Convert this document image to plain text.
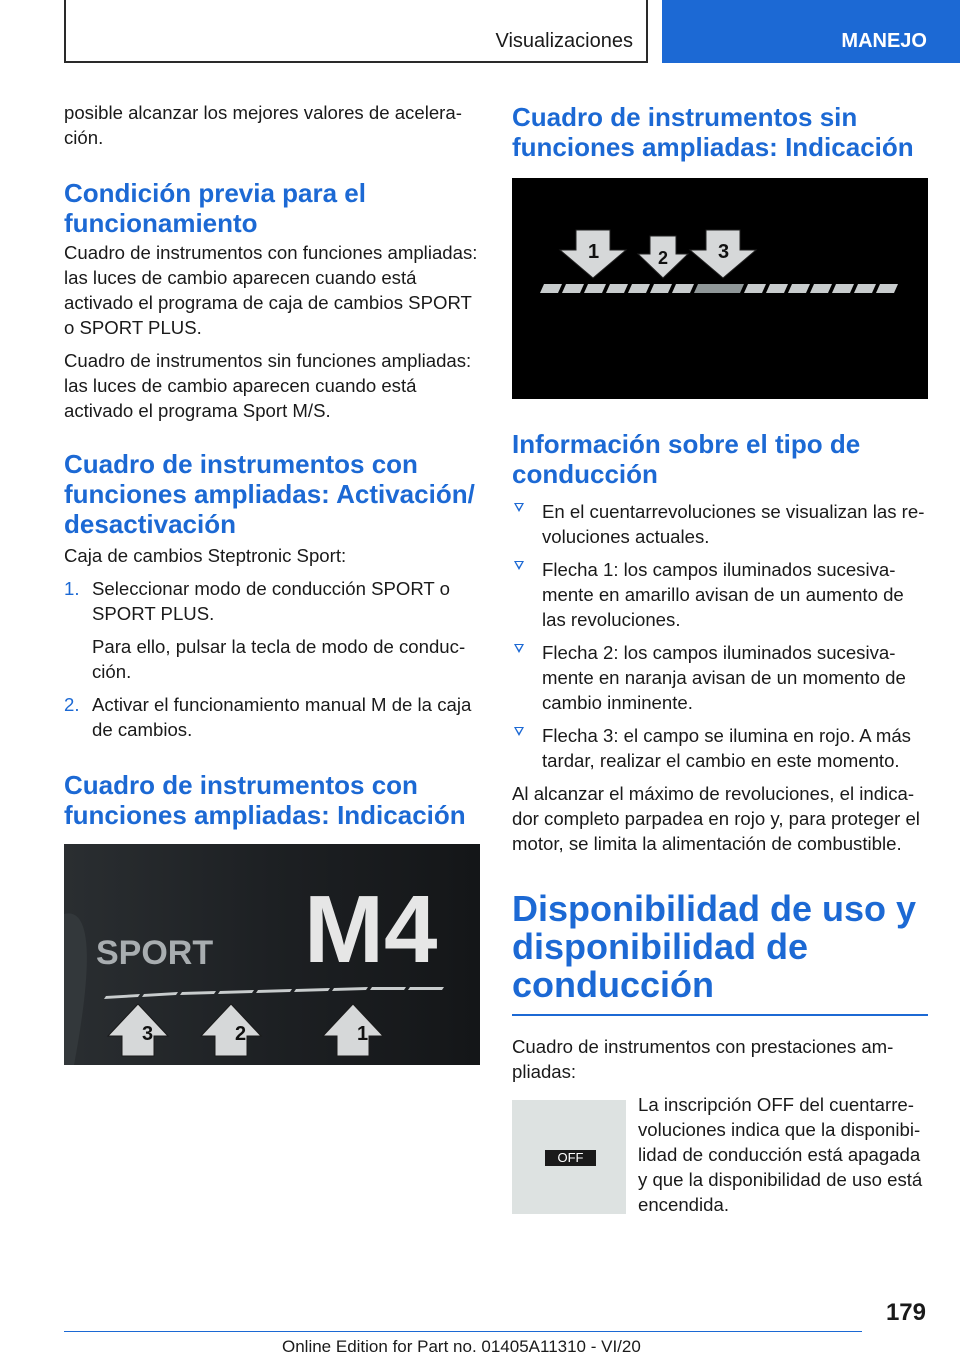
Visualizaciones	MANEJO

posible alcanzar los mejores valores de aceleración.

Condición previa para el funcionamiento

Cuadro de instrumentos con funciones ampliadas: las luces de cambio aparecen cuando está activado el programa de caja de cambios SPORT o SPORT PLUS.

Cuadro de instrumentos sin funciones ampliadas: las luces de cambio aparecen cuando está activado el programa Sport M/S.

Cuadro de instrumentos con funciones ampliadas: Activación/ desactivación

Caja de cambios Steptronic Sport:

1. Seleccionar modo de conducción SPORT o SPORT PLUS.

Para ello, pulsar la tecla de modo de conducción.

2. Activar el funcionamiento manual M de la caja de cambios.
Cuadro de instrumentos con funciones ampliadas: Indicación
SPORT M4
3	2	1
Cuadro de instrumentos sin funciones ampliadas: Indicación
1	2 3
Información sobre el tipo de conducción
En el cuentarrevoluciones se visualizan las revoluciones actuales.
Flecha 1: los campos iluminados sucesivamente en amarillo avisan de un aumento de las revoluciones.
Flecha 2: los campos iluminados sucesivamente en naranja avisan de un momento de cambio inminente.
Flecha 3: el campo se ilumina en rojo. A más tardar, realizar el cambio en este momento.

Al alcanzar el máximo de revoluciones, el indicador completo parpadea en rojo y, para proteger el motor, se limita la alimentación de combustible.

Disponibilidad de uso y disponibilidad de conducción

Cuadro de instrumentos con prestaciones ampliadas:

OFF
La inscripción OFF del cuentarrevoluciones indica que la disponibilidad de conducción está apagada y que la disponibilidad de uso está encendida.
179
Online Edition for Part no. 01405A11310 - VI/20
